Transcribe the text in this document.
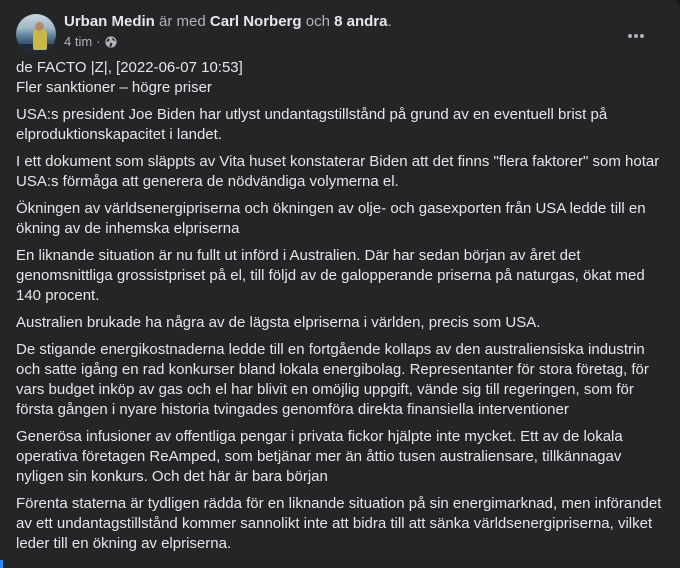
Urban Medin är med Carl Norberg och 8 andra.
4 tim ·

de FACTO |Z|, [2022-06-07 10:53]
Fler sanktioner – högre priser

USA:s president Joe Biden har utlyst undantagstillstånd på grund av en eventuell brist på elproduktionskapacitet i landet.

I ett dokument som släppts av Vita huset konstaterar Biden att det finns "flera faktorer" som hotar USA:s förmåga att generera de nödvändiga volymerna el.

Ökningen av världsenergipriserna och ökningen av olje- och gasexporten från USA ledde till en ökning av de inhemska elpriserna

En liknande situation är nu fullt ut införd i Australien. Där har sedan början av året det genomsnittliga grossistpriset på el, till följd av de galopperande priserna på naturgas, ökat med 140 procent.

Australien brukade ha några av de lägsta elpriserna i världen, precis som USA.

De stigande energikostnaderna ledde till en fortgående kollaps av den australiensiska industrin och satte igång en rad konkurser bland lokala energibolag. Representanter för stora företag, för vars budget inköp av gas och el har blivit en omöjlig uppgift, vände sig till regeringen, som för första gången i nyare historia tvingades genomföra direkta finansiella interventioner

Generösa infusioner av offentliga pengar i privata fickor hjälpte inte mycket. Ett av de lokala operativa företagen ReAmped, som betjänar mer än åttio tusen australiensare, tillkännagav nyligen sin konkurs. Och det här är bara början

Förenta staterna är tydligen rädda för en liknande situation på sin energimarknad, men införandet av ett undantagstillstånd kommer sannolikt inte att bidra till att sänka världsenergipriserna, vilket leder till en ökning av elpriserna.
